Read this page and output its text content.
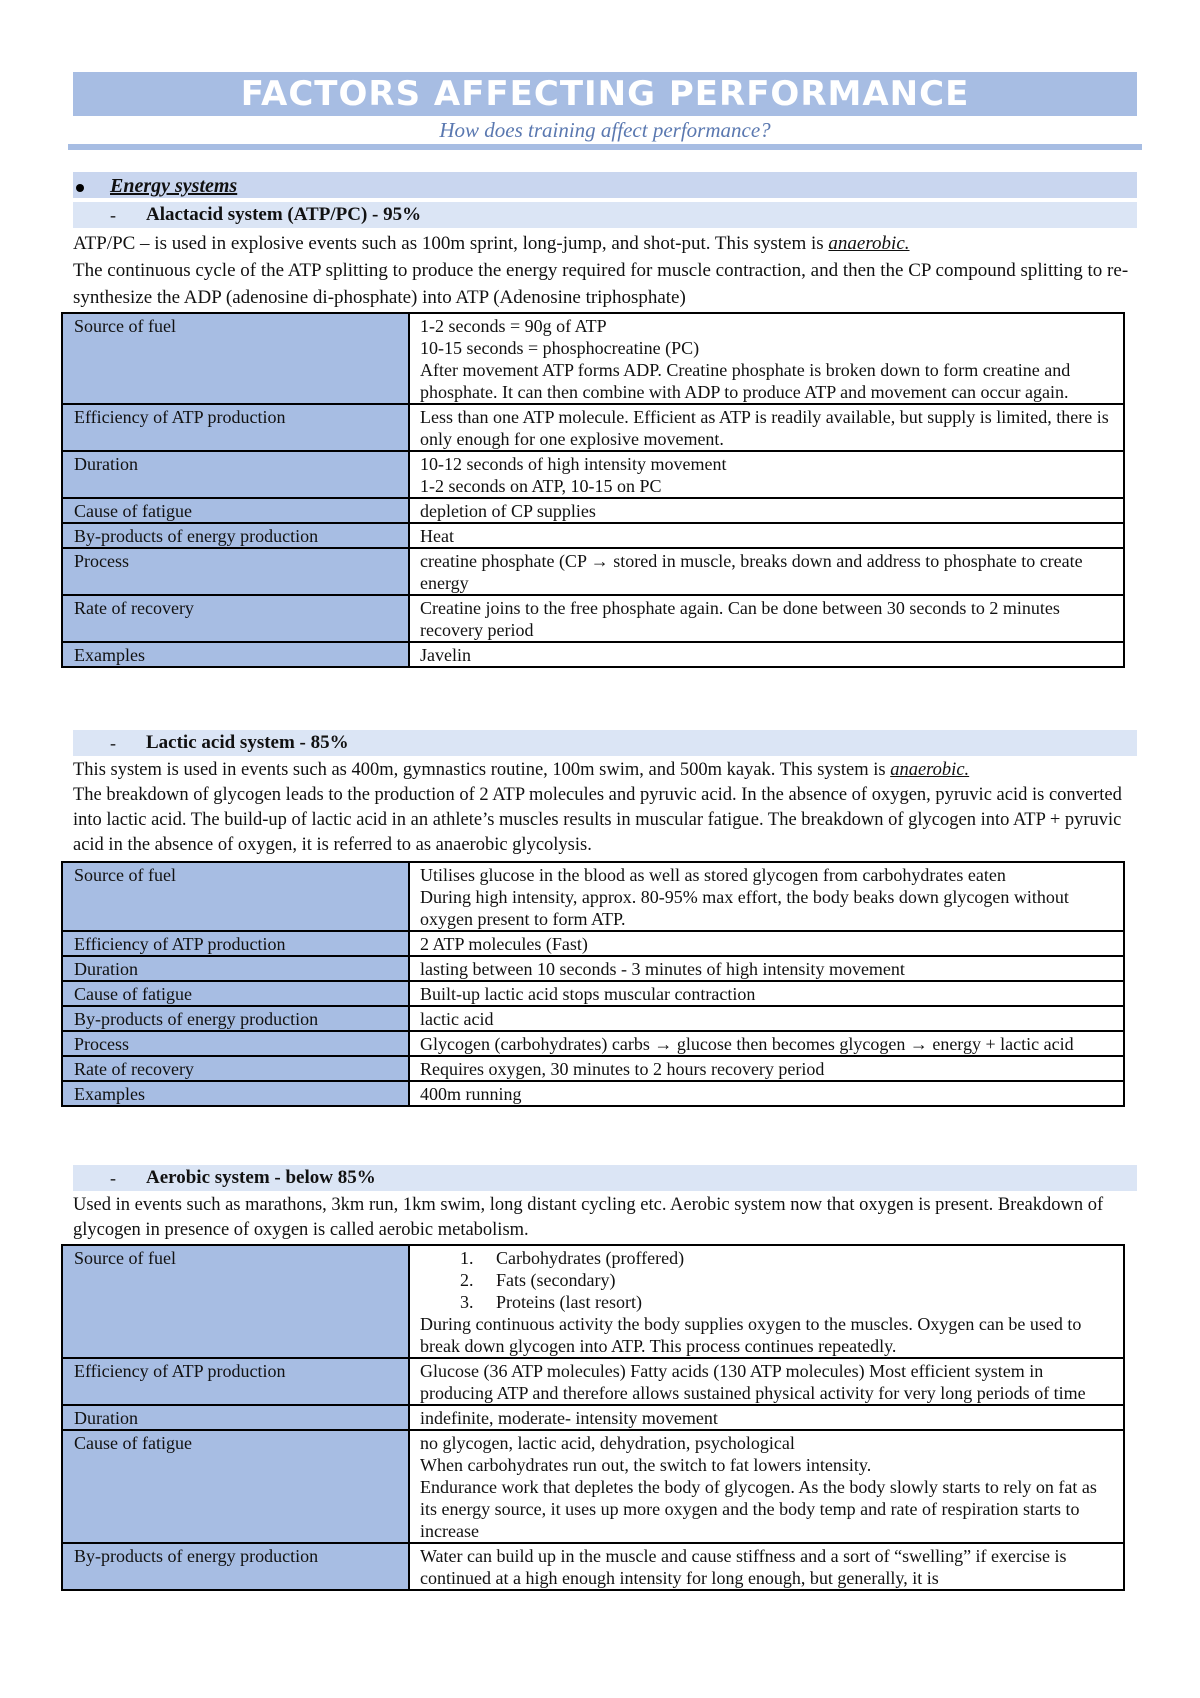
FACTORS AFFECTING PERFORMANCE
How does training affect performance?
Energy systems
- Alactacid system (ATP/PC) - 95%
ATP/PC – is used in explosive events such as 100m sprint, long-jump, and shot-put. This system is anaerobic.
The continuous cycle of the ATP splitting to produce the energy required for muscle contraction, and then the CP compound splitting to re-synthesize the ADP (adenosine di-phosphate) into ATP (Adenosine triphosphate)
Source of fuel	1-2 seconds = 90g of ATP
10-15 seconds = phosphocreatine (PC)
After movement ATP forms ADP. Creatine phosphate is broken down to form creatine and phosphate. It can then combine with ADP to produce ATP and movement can occur again.

Efficiency of ATP production	Less than one ATP molecule. Efficient as ATP is readily available, but supply is limited, there is only enough for one explosive movement.
Duration	10-12 seconds of high intensity movement
1-2 seconds on ATP, 10-15 on PC

Cause of fatigue	depletion of CP supplies
By-products of energy production	Heat
Process	creatine phosphate (CP → stored in muscle, breaks down and address to phosphate to create energy
Rate of recovery	Creatine joins to the free phosphate again. Can be done between 30 seconds to 2 minutes recovery period
Examples	Javelin
- Lactic acid system - 85%
This system is used in events such as 400m, gymnastics routine, 100m swim, and 500m kayak. This system is anaerobic.
The breakdown of glycogen leads to the production of 2 ATP molecules and pyruvic acid. In the absence of oxygen, pyruvic acid is converted into lactic acid. The build-up of lactic acid in an athlete’s muscles results in muscular fatigue. The breakdown of glycogen into ATP + pyruvic acid in the absence of oxygen, it is referred to as anaerobic glycolysis.
Source of fuel	Utilises glucose in the blood as well as stored glycogen from carbohydrates eaten
During high intensity, approx. 80-95% max effort, the body beaks down glycogen without oxygen present to form ATP.

Efficiency of ATP production	2 ATP molecules (Fast)
Duration	lasting between 10 seconds - 3 minutes of high intensity movement
Cause of fatigue	Built-up lactic acid stops muscular contraction
By-products of energy production	lactic acid
Process	Glycogen (carbohydrates) carbs → glucose then becomes glycogen → energy + lactic acid
Rate of recovery	Requires oxygen, 30 minutes to 2 hours recovery period
Examples	400m running
- Aerobic system - below 85%
Used in events such as marathons, 3km run, 1km swim, long distant cycling etc. Aerobic system now that oxygen is present. Breakdown of glycogen in presence of oxygen is called aerobic metabolism.
Source of fuel	1. Carbohydrates (proffered)
2. Fats (secondary)
3. Proteins (last resort)
During continuous activity the body supplies oxygen to the muscles. Oxygen can be used to break down glycogen into ATP. This process continues repeatedly.

Efficiency of ATP production	Glucose (36 ATP molecules) Fatty acids (130 ATP molecules) Most efficient system in producing ATP and therefore allows sustained physical activity for very long periods of time
Duration	indefinite, moderate- intensity movement
Cause of fatigue	no glycogen, lactic acid, dehydration, psychological
When carbohydrates run out, the switch to fat lowers intensity.
Endurance work that depletes the body of glycogen. As the body slowly starts to rely on fat as its energy source, it uses up more oxygen and the body temp and rate of respiration starts to increase

By-products of energy production	Water can build up in the muscle and cause stiffness and a sort of “swelling” if exercise is continued at a high enough intensity for long enough, but generally, it is
